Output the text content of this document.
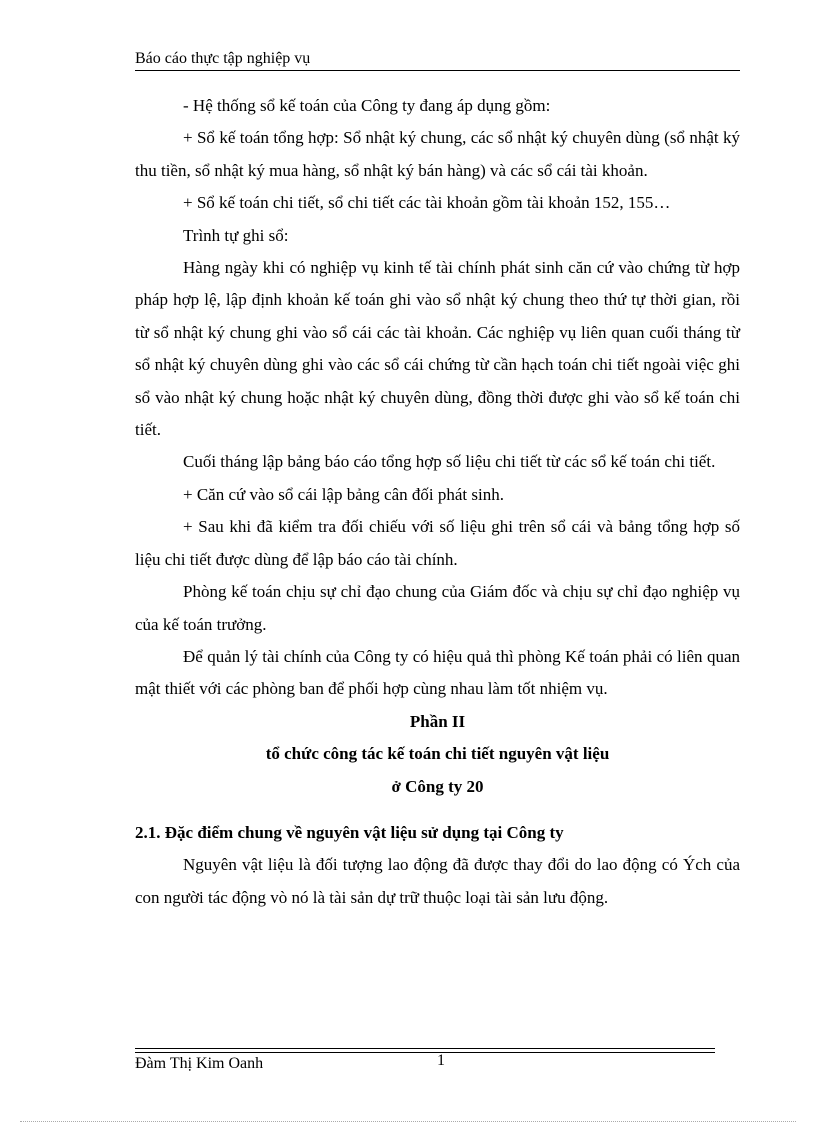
Báo cáo thực tập nghiệp vụ

- Hệ thống sổ kế toán của Công ty đang áp dụng gồm:

+ Sổ kế toán tổng hợp: Sổ nhật ký chung, các sổ nhật ký chuyên dùng (sổ nhật ký thu tiền, sổ nhật ký mua hàng, sổ nhật ký bán hàng) và các sổ cái tài khoản.

+ Sổ kế toán chi tiết, sổ chi tiết các tài khoản gồm tài khoản 152, 155…

Trình tự ghi sổ:

Hàng ngày khi có nghiệp vụ kinh tế tài chính phát sinh căn cứ vào chứng từ hợp pháp hợp lệ, lập định khoản kế toán ghi vào sổ nhật ký chung theo thứ tự thời gian, rồi từ sổ nhật ký chung ghi vào sổ cái các tài khoản. Các nghiệp vụ liên quan cuối tháng từ sổ nhật ký chuyên dùng ghi vào các sổ cái chứng từ cần hạch toán chi tiết ngoài việc ghi sổ vào nhật ký chung hoặc nhật ký chuyên dùng, đồng thời được ghi vào sổ kế toán chi tiết.

Cuối tháng lập bảng báo cáo tổng hợp số liệu chi tiết từ các sổ kế toán chi tiết.

+ Căn cứ vào sổ cái lập bảng cân đối phát sinh.

+ Sau khi đã kiểm tra đối chiếu với số liệu ghi trên sổ cái và bảng tổng hợp số liệu chi tiết được dùng để lập báo cáo tài chính.

Phòng kế toán chịu sự chỉ đạo chung của Giám đốc và chịu sự chỉ đạo nghiệp vụ của kế toán trưởng.

Để quản lý tài chính của Công ty có hiệu quả thì phòng Kế toán phải có liên quan mật thiết với các phòng ban để phối hợp cùng nhau làm tốt nhiệm vụ.

Phần II

tổ chức công tác kế toán chi tiết nguyên vật liệu

ở Công ty 20

2.1. Đặc điểm chung về nguyên vật liệu sử dụng tại Công ty

Nguyên vật liệu là đối tượng lao động đã được thay đổi do lao động có Ých của con người tác động vò nó là tài sản dự trữ thuộc loại tài sản lưu động.

Đàm Thị Kim Oanh	1
